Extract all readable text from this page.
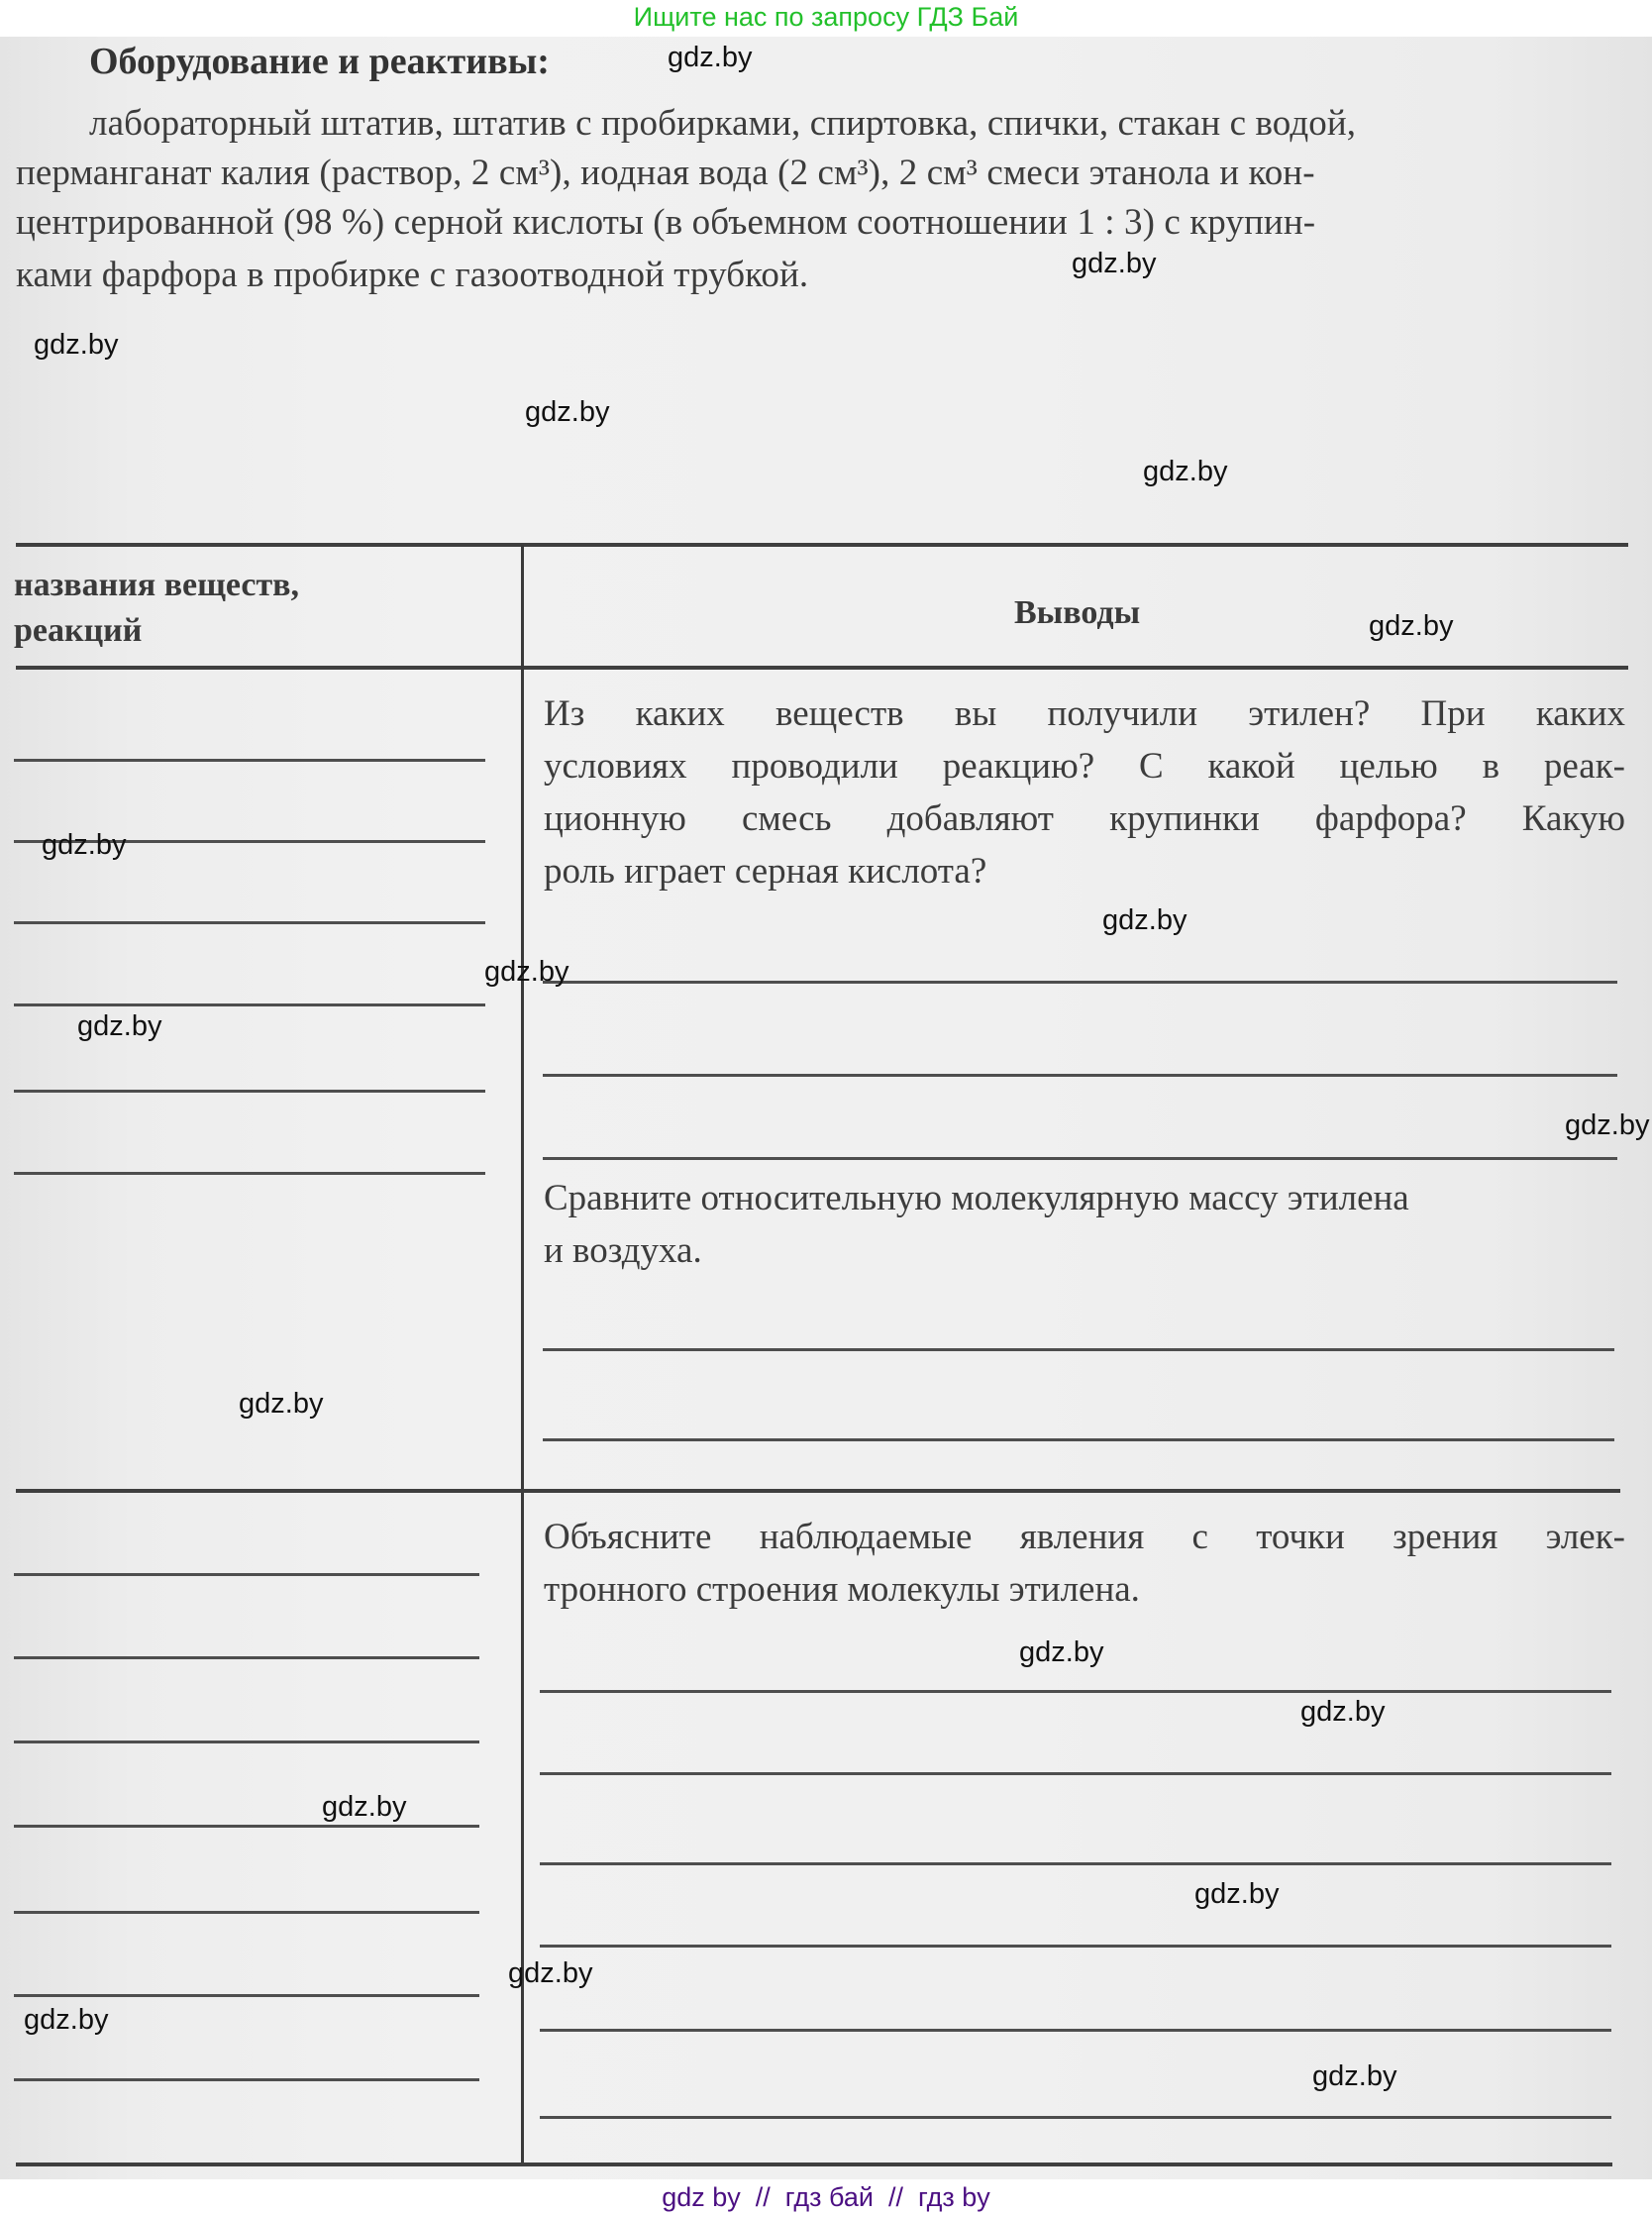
Ищите нас по запросу ГДЗ Бай
Оборудование и реактивы:
лабораторный штатив, штатив с пробирками, спиртовка, спички, стакан с водой,
перманганат калия (раствор, 2 см³), иодная вода (2 см³), 2 см³ смеси этанола и кон-
центрированной (98 %) серной кислоты (в объемном соотношении 1 : 3) с крупин-
ками фарфора в пробирке с газоотводной трубкой.
названия веществ,
реакций	Выводы
Из каких веществ вы получили этилен? При каких
условиях проводили реакцию? С какой целью в реак-
ционную смесь добавляют крупинки фарфора? Какую
роль играет серная кислота?
Сравните относительную молекулярную массу этилена
и воздуха.
Объясните наблюдаемые явления с точки зрения элек-
тронного строения молекулы этилена.
gdz.by
gdz.by
gdz.by
gdz.by
gdz.by
gdz.by
gdz.by
gdz.by
gdz.by
gdz.by
gdz.by
gdz.by
gdz.by
gdz.by
gdz.by
gdz.by
gdz.by
gdz.by
gdz.by
gdz by  //  гдз бай  //  гдз by
